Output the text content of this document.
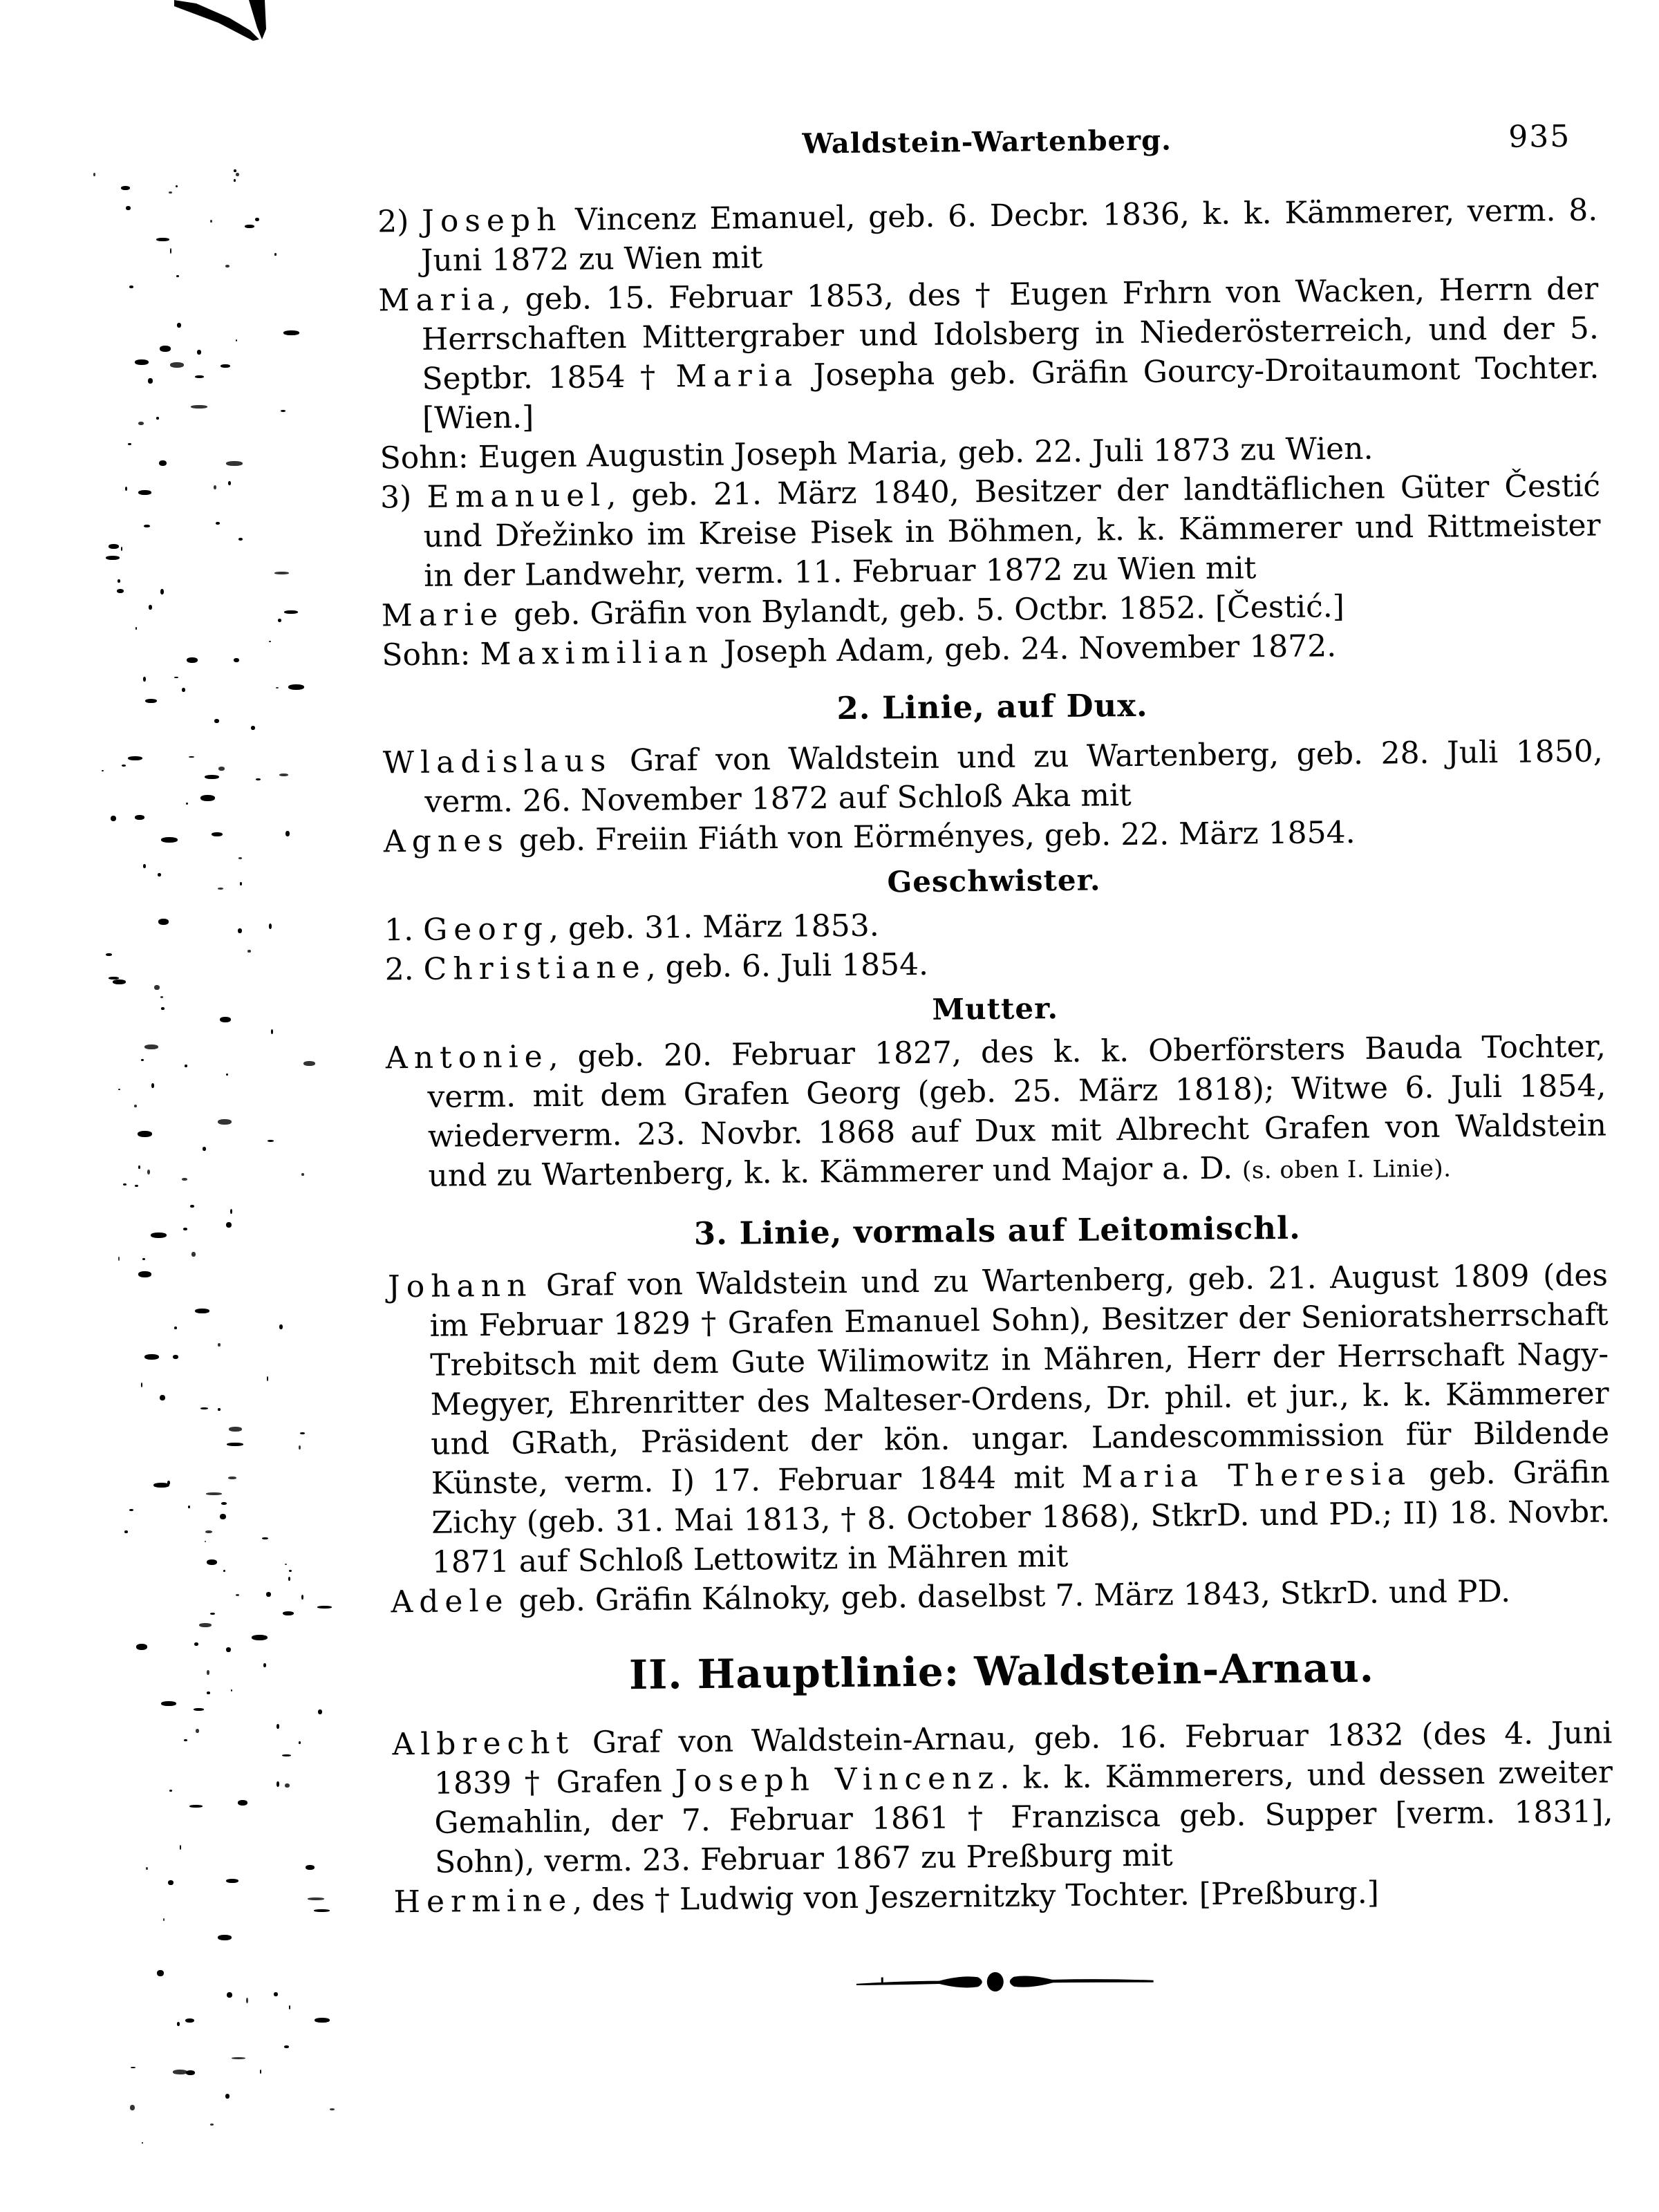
Waldstein-Wartenberg.	935

2) Joseph Vincenz Emanuel, geb. 6. Decbr. 1836, k. k. Kämmerer, verm. 8. Juni 1872 zu Wien mit

Maria, geb. 15. Februar 1853, des † Eugen Frhrn von Wacken, Herrn der Herrschaften Mittergraber und Idolsberg in Niederösterreich, und der 5. Septbr. 1854 † Maria Josepha geb. Gräfin Gourcy-Droitaumont Tochter. [Wien.]

Sohn: Eugen Augustin Joseph Maria, geb. 22. Juli 1873 zu Wien.

3) Emanuel, geb. 21. März 1840, Besitzer der landtäflichen Güter Čestić und Dřežinko im Kreise Pisek in Böhmen, k. k. Kämmerer und Rittmeister in der Landwehr, verm. 11. Februar 1872 zu Wien mit

Marie geb. Gräfin von Bylandt, geb. 5. Octbr. 1852. [Čestić.]

Sohn: Maximilian Joseph Adam, geb. 24. November 1872.

2. Linie, auf Dux.

Wladislaus Graf von Waldstein und zu Wartenberg, geb. 28. Juli 1850, verm. 26. November 1872 auf Schloß Aka mit

Agnes geb. Freiin Fiáth von Eörményes, geb. 22. März 1854.

Geschwister.

1. Georg, geb. 31. März 1853.

2. Christiane, geb. 6. Juli 1854.

Mutter.

Antonie, geb. 20. Februar 1827, des k. k. Oberförsters Bauda Tochter, verm. mit dem Grafen Georg (geb. 25. März 1818); Witwe 6. Juli 1854, wiederverm. 23. Novbr. 1868 auf Dux mit Albrecht Grafen von Waldstein und zu Wartenberg, k. k. Kämmerer und Major a. D. (s. oben I. Linie).

3. Linie, vormals auf Leitomischl.

Johann Graf von Waldstein und zu Wartenberg, geb. 21. August 1809 (des im Februar 1829 † Grafen Emanuel Sohn), Besitzer der Senioratsherrschaft Trebitsch mit dem Gute Wilimowitz in Mähren, Herr der Herrschaft Nagy-Megyer, Ehrenritter des Malteser-Ordens, Dr. phil. et jur., k. k. Kämmerer und GRath, Präsident der kön. ungar. Landescommission für Bildende Künste, verm. I) 17. Februar 1844 mit Maria Theresia geb. Gräfin Zichy (geb. 31. Mai 1813, † 8. October 1868), StkrD. und PD.; II) 18. Novbr. 1871 auf Schloß Lettowitz in Mähren mit

Adele geb. Gräfin Kálnoky, geb. daselbst 7. März 1843, StkrD. und PD.

II. Hauptlinie: Waldstein-Arnau.

Albrecht Graf von Waldstein-Arnau, geb. 16. Februar 1832 (des 4. Juni 1839 † Grafen Joseph Vincenz. k. k. Kämmerers, und dessen zweiter Gemahlin, der 7. Februar 1861 † Franzisca geb. Supper [verm. 1831], Sohn), verm. 23. Februar 1867 zu Preßburg mit

Hermine, des † Ludwig von Jeszernitzky Tochter. [Preßburg.]
